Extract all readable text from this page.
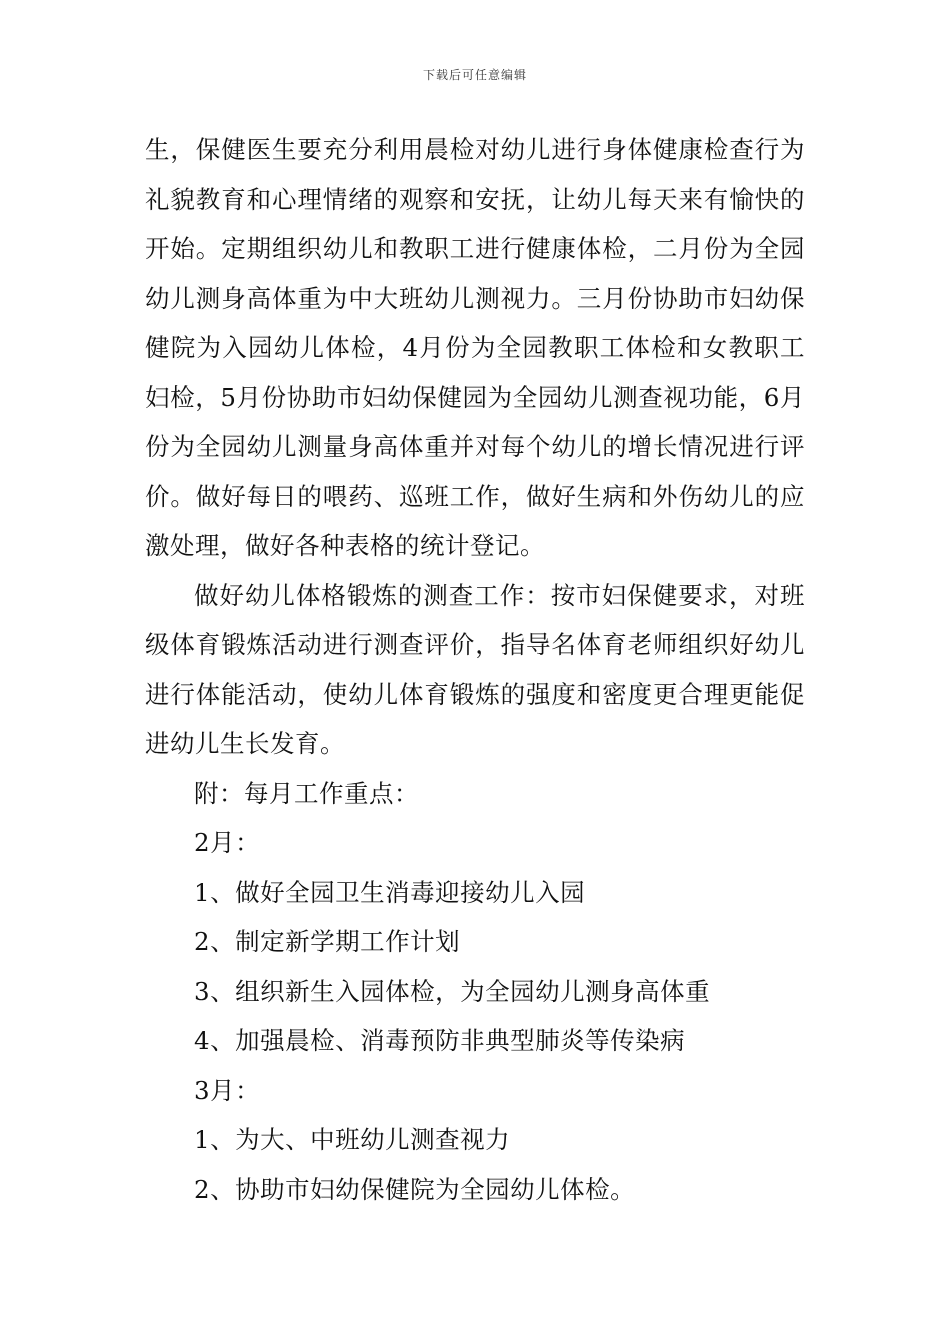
下载后可任意编辑

生，保健医生要充分利用晨检对幼儿进行身体健康检查行为礼貌教育和心理情绪的观察和安抚，让幼儿每天来有愉快的开始。定期组织幼儿和教职工进行健康体检，二月份为全园幼儿测身高体重为中大班幼儿测视力。三月份协助市妇幼保健院为入园幼儿体检，4月份为全园教职工体检和女教职工妇检，5月份协助市妇幼保健园为全园幼儿测查视功能，6月份为全园幼儿测量身高体重并对每个幼儿的增长情况进行评价。做好每日的喂药、巡班工作，做好生病和外伤幼儿的应激处理，做好各种表格的统计登记。

做好幼儿体格锻炼的测查工作：按市妇保健要求，对班级体育锻炼活动进行测查评价，指导名体育老师组织好幼儿进行体能活动，使幼儿体育锻炼的强度和密度更合理更能促进幼儿生长发育。

附：每月工作重点：

2月：

1、做好全园卫生消毒迎接幼儿入园

2、制定新学期工作计划

3、组织新生入园体检，为全园幼儿测身高体重

4、加强晨检、消毒预防非典型肺炎等传染病

3月：

1、为大、中班幼儿测查视力

2、协助市妇幼保健院为全园幼儿体检。
